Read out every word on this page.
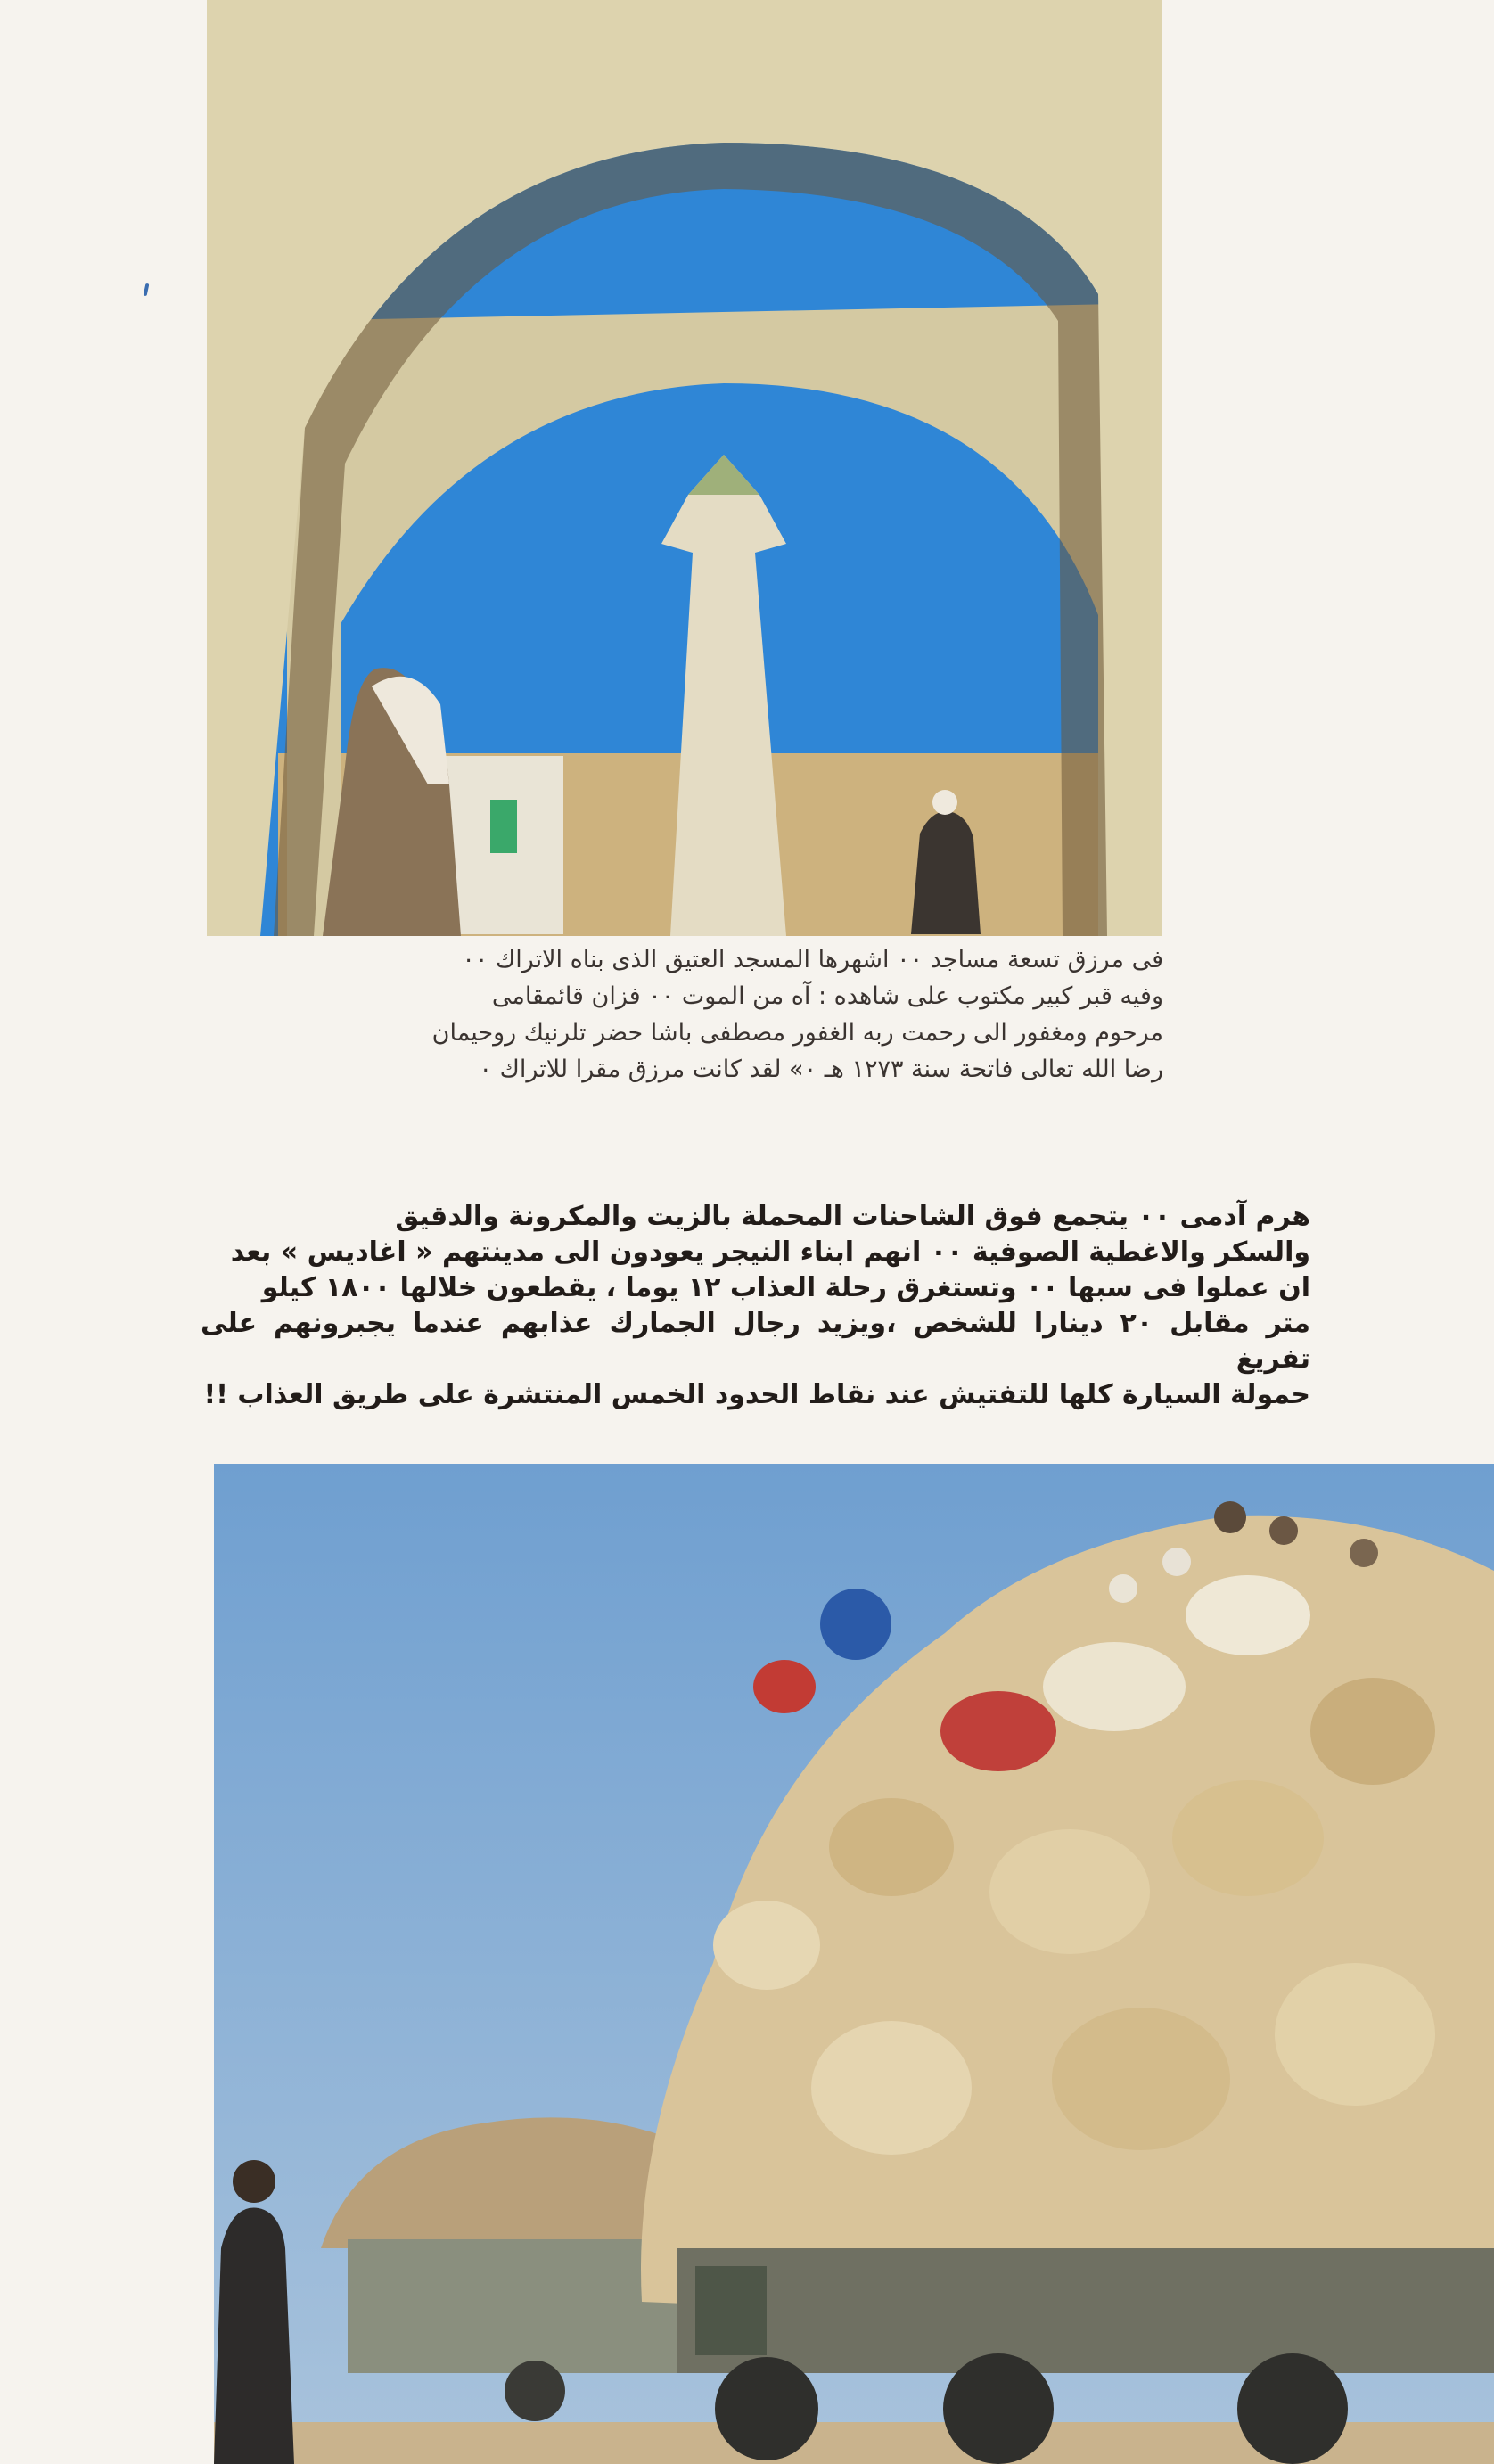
فى مرزق تسعة مساجد ٠٠ اشهرها المسجد العتيق الذى بناه الاتراك ٠٠

وفيه قبر كبير مكتوب على شاهده : آه من الموت ٠٠ فزان قائمقامى

مرحوم ومغفور الى رحمت ربه الغفور مصطفى باشا حضر تلرنيك روحيمان

رضا الله تعالى فاتحة سنة ١٢٧٣ هـ ٠» لقد كانت مرزق مقرا للاتراك ٠

هرم آدمى ٠٠ يتجمع فوق الشاحنات المحملة بالزيت والمكرونة والدقيق

والسكر والاغطية الصوفية ٠٠ انهم ابناء النيجر يعودون الى مدينتهم « اغاديس » بعد

ان عملوا فى سبها ٠٠ وتستغرق رحلة العذاب ١٢ يوما ، يقطعون خلالها ١٨٠٠ كيلو

متر مقابل ٢٠ دينارا للشخص ،ويزيد رجال الجمارك عذابهم عندما يجبرونهم على تفريغ

حمولة السيارة كلها للتفتيش عند نقاط الحدود الخمس المنتشرة على طريق العذاب !!
